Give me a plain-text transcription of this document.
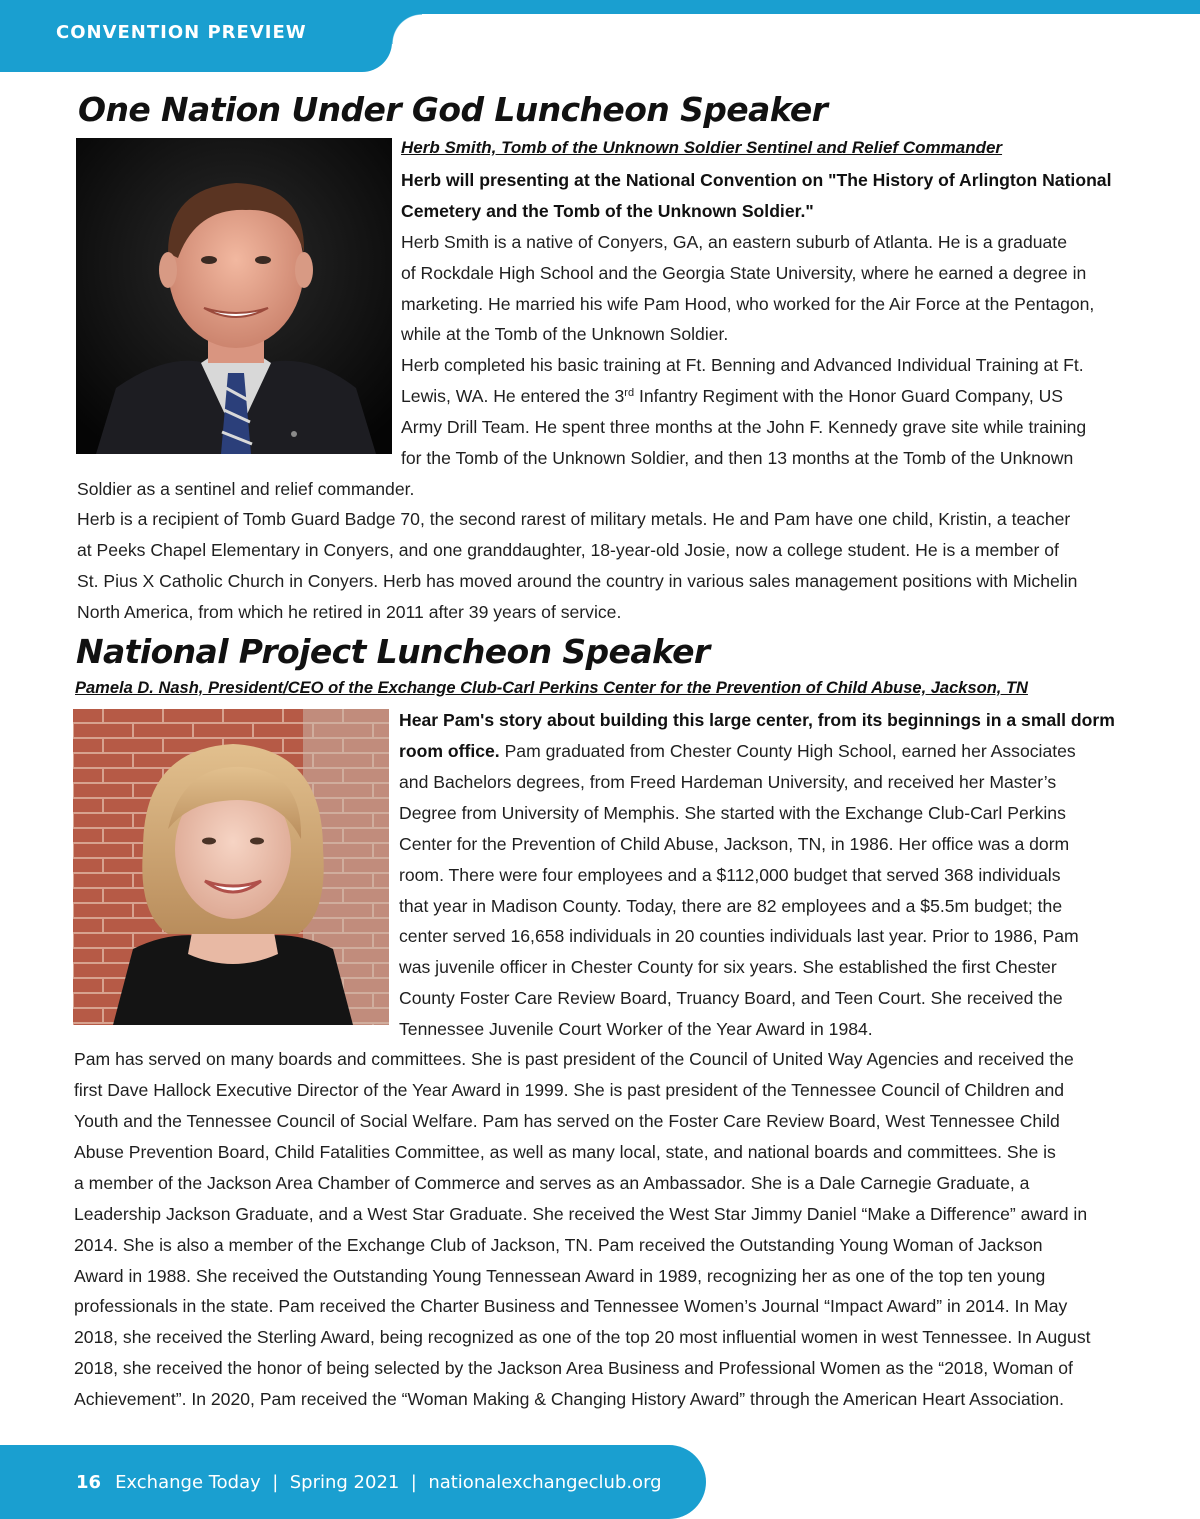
CONVENTION PREVIEW
One Nation Under God Luncheon Speaker
Herb Smith, Tomb of the Unknown Soldier Sentinel and Relief Commander
Herb will presenting at the National Convention on "The History of Arlington National
Cemetery and the Tomb of the Unknown Soldier."
Herb Smith is a native of Conyers, GA, an eastern suburb of Atlanta. He is a graduate
of Rockdale High School and the Georgia State University, where he earned a degree in
marketing. He married his wife Pam Hood, who worked for the Air Force at the Pentagon,
while at the Tomb of the Unknown Soldier.
Herb completed his basic training at Ft. Benning and Advanced Individual Training at Ft.
Lewis, WA. He entered the 3rd Infantry Regiment with the Honor Guard Company, US
Army Drill Team. He spent three months at the John F. Kennedy grave site while training
for the Tomb of the Unknown Soldier, and then 13 months at the Tomb of the Unknown
Soldier as a sentinel and relief commander.
Herb is a recipient of Tomb Guard Badge 70, the second rarest of military metals. He and Pam have one child, Kristin, a teacher
at Peeks Chapel Elementary in Conyers, and one granddaughter, 18-year-old Josie, now a college student. He is a member of
St. Pius X Catholic Church in Conyers. Herb has moved around the country in various sales management positions with Michelin
North America, from which he retired in 2011 after 39 years of service.
National Project Luncheon Speaker
Pamela D. Nash, President/CEO of the Exchange Club-Carl Perkins Center for the Prevention of Child Abuse, Jackson, TN
Hear Pam's story about building this large center, from its beginnings in a small dorm
room office. Pam graduated from Chester County High School, earned her Associates
and Bachelors degrees, from Freed Hardeman University, and received her Master’s
Degree from University of Memphis. She started with the Exchange Club-Carl Perkins
Center for the Prevention of Child Abuse, Jackson, TN, in 1986. Her office was a dorm
room. There were four employees and a $112,000 budget that served 368 individuals
that year in Madison County. Today, there are 82 employees and a $5.5m budget; the
center served 16,658 individuals in 20 counties individuals last year. Prior to 1986, Pam
was juvenile officer in Chester County for six years. She established the first Chester
County Foster Care Review Board, Truancy Board, and Teen Court. She received the
Tennessee Juvenile Court Worker of the Year Award in 1984.
Pam has served on many boards and committees. She is past president of the Council of United Way Agencies and received the
first Dave Hallock Executive Director of the Year Award in 1999. She is past president of the Tennessee Council of Children and
Youth and the Tennessee Council of Social Welfare. Pam has served on the Foster Care Review Board, West Tennessee Child
Abuse Prevention Board, Child Fatalities Committee, as well as many local, state, and national boards and committees. She is
a member of the Jackson Area Chamber of Commerce and serves as an Ambassador. She is a Dale Carnegie Graduate, a
Leadership Jackson Graduate, and a West Star Graduate. She received the West Star Jimmy Daniel “Make a Difference” award in
2014. She is also a member of the Exchange Club of Jackson, TN. Pam received the Outstanding Young Woman of Jackson
Award in 1988. She received the Outstanding Young Tennessean Award in 1989, recognizing her as one of the top ten young
professionals in the state. Pam received the Charter Business and Tennessee Women’s Journal “Impact Award” in 2014. In May
2018, she received the Sterling Award, being recognized as one of the top 20 most influential women in west Tennessee. In August
2018, she received the honor of being selected by the Jackson Area Business and Professional Women as the “2018, Woman of
Achievement”. In 2020, Pam received the “Woman Making & Changing History Award” through the American Heart Association.
16 Exchange Today  |  Spring 2021  |  nationalexchangeclub.org
